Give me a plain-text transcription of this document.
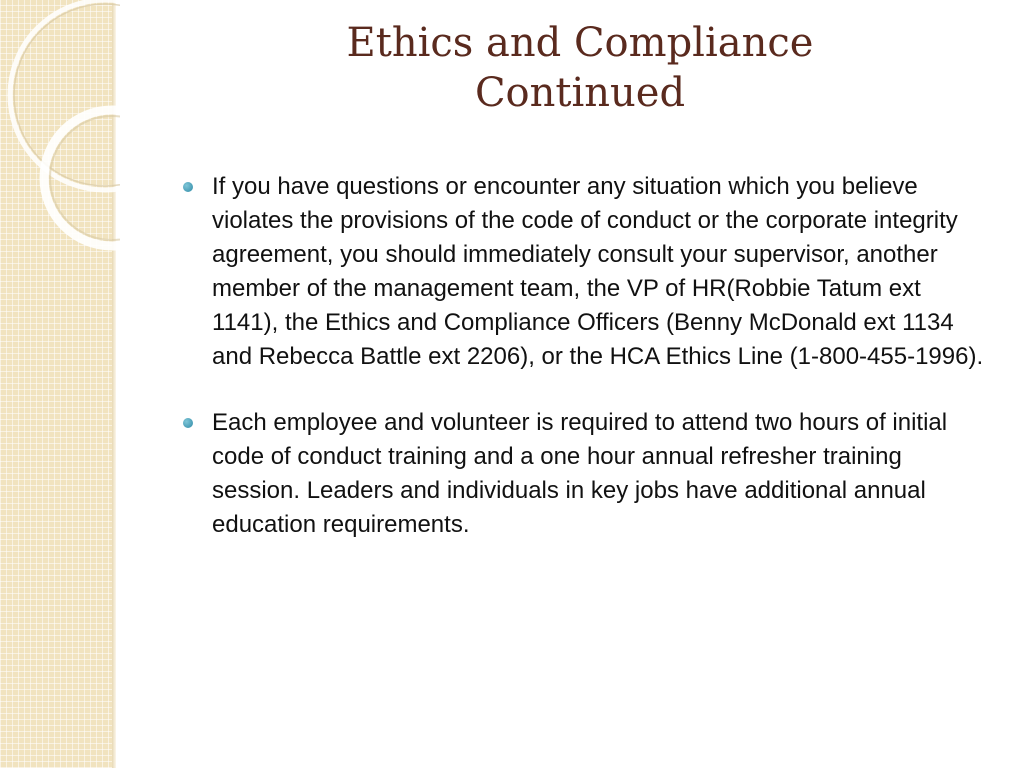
Ethics and Compliance
Continued
If you have questions or encounter any situation which you believe violates the provisions of the code of conduct or the corporate integrity agreement, you should immediately consult your supervisor, another member of the management team, the VP of HR(Robbie Tatum ext 1141), the Ethics and Compliance Officers (Benny McDonald ext 1134 and Rebecca Battle ext 2206), or the HCA Ethics Line (1-800-455-1996).
Each employee and volunteer is required to attend two hours of initial code of conduct training and a one hour annual refresher training session. Leaders and individuals in key jobs have additional annual education requirements.
